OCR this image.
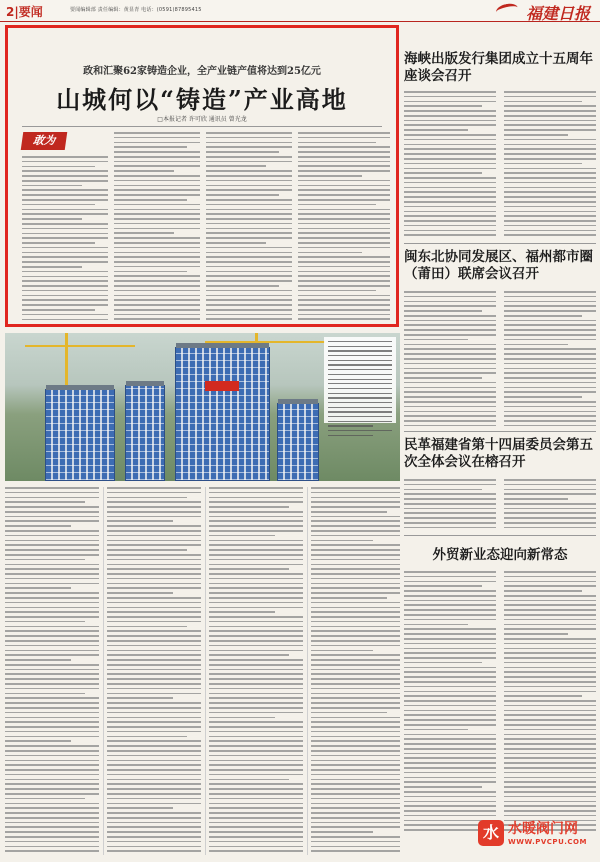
2|要闻	要闻编辑部 责任编辑：黄显青 电话：(0591)87895415	福建日报
政和汇聚62家铸造企业，全产业链产值将达到25亿元
山城何以“铸造”产业高地
□本报记者 许可欣 通讯员 曾光龙
敢为
海峡出版发行集团成立十五周年座谈会召开
闽东北协同发展区、福州都市圈（莆田）联席会议召开
民革福建省第十四届委员会第五次全体会议在榕召开
外贸新业态迎向新常态
水 水暖阀门网
WWW.PVCPU.COM
